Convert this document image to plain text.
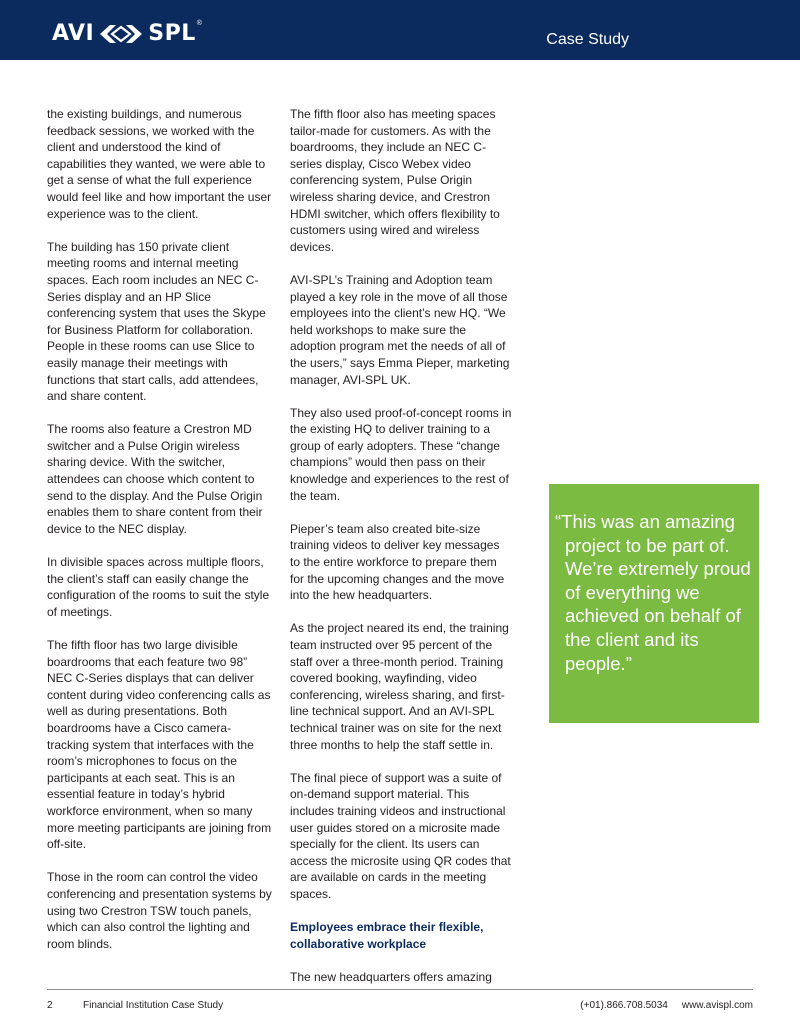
AVI SPL ®
Case Study

the existing buildings, and numerous feedback sessions, we worked with the client and understood the kind of capabilities they wanted, we were able to get a sense of what the full experience would feel like and how important the user experience was to the client.

The building has 150 private client meeting rooms and internal meeting spaces. Each room includes an NEC C-Series display and an HP Slice conferencing system that uses the Skype for Business Platform for collaboration. People in these rooms can use Slice to easily manage their meetings with functions that start calls, add attendees, and share content.

The rooms also feature a Crestron MD switcher and a Pulse Origin wireless sharing device. With the switcher, attendees can choose which content to send to the display. And the Pulse Origin enables them to share content from their device to the NEC display.

In divisible spaces across multiple floors, the client’s staff can easily change the configuration of the rooms to suit the style of meetings.

The fifth floor has two large divisible boardrooms that each feature two 98” NEC C-Series displays that can deliver content during video conferencing calls as well as during presentations. Both boardrooms have a Cisco camera-tracking system that interfaces with the room’s microphones to focus on the participants at each seat. This is an essential feature in today’s hybrid workforce environment, when so many more meeting participants are joining from off-site.

Those in the room can control the video conferencing and presentation systems by using two Crestron TSW touch panels, which can also control the lighting and room blinds.

The fifth floor also has meeting spaces tailor-made for customers. As with the boardrooms, they include an NEC C-series display, Cisco Webex video conferencing system, Pulse Origin wireless sharing device, and Crestron HDMI switcher, which offers flexibility to customers using wired and wireless devices.

AVI-SPL’s Training and Adoption team played a key role in the move of all those employees into the client’s new HQ. “We held workshops to make sure the adoption program met the needs of all of the users,” says Emma Pieper, marketing manager, AVI-SPL UK.

They also used proof-of-concept rooms in the existing HQ to deliver training to a group of early adopters. These “change champions” would then pass on their knowledge and experiences to the rest of the team.

Pieper’s team also created bite-size training videos to deliver key messages to the entire workforce to prepare them for the upcoming changes and the move into the hew headquarters.

As the project neared its end, the training team instructed over 95 percent of the staff over a three-month period. Training covered booking, wayfinding, video conferencing, wireless sharing, and first-line technical support. And an AVI-SPL technical trainer was on site for the next three months to help the staff settle in.

The final piece of support was a suite of on-demand support material. This includes training videos and instructional user guides stored on a microsite made specially for the client. Its users can access the microsite using QR codes that are available on cards in the meeting spaces.

Employees embrace their flexible, collaborative workplace

The new headquarters offers amazing

“This was an amazing project to be part of. We’re extremely proud of everything we achieved on behalf of the client and its people.”

2	Financial Institution Case Study	(+01).866.708.5034 www.avispl.com
